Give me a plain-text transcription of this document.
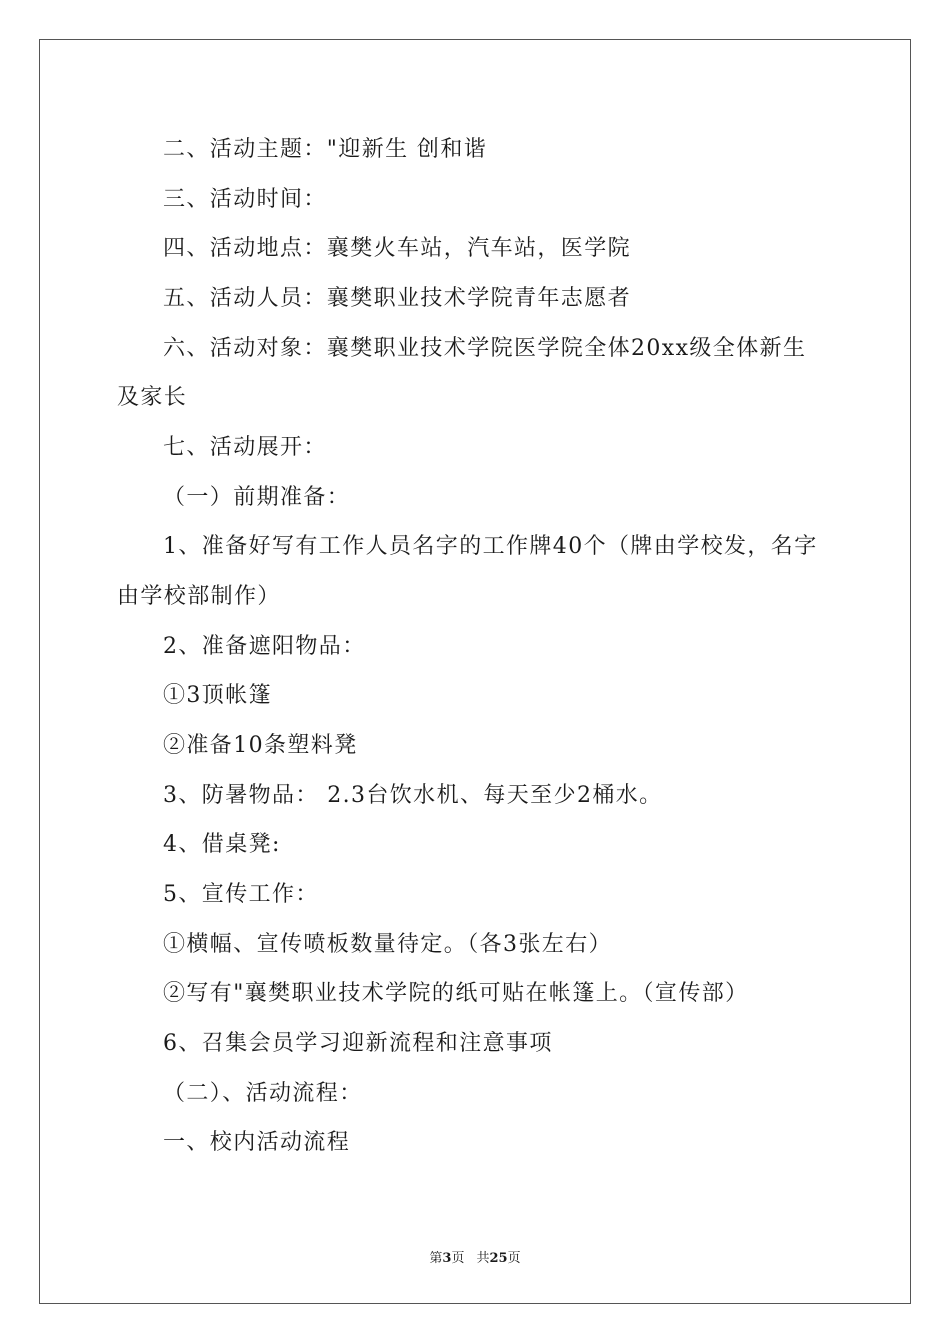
二、活动主题："迎新生 创和谐
三、活动时间：
四、活动地点：襄樊火车站，汽车站，医学院
五、活动人员：襄樊职业技术学院青年志愿者
六、活动对象：襄樊职业技术学院医学院全体20xx级全体新生
及家长
七、活动展开：
（一）前期准备：
1、准备好写有工作人员名字的工作牌40个（牌由学校发，名字
由学校部制作）
2、准备遮阳物品：
①3顶帐篷
②准备10条塑料凳
3、防暑物品： 2.3台饮水机、每天至少2桶水。
4、借桌凳:
5、宣传工作：
①横幅、宣传喷板数量待定。（各3张左右）
②写有"襄樊职业技术学院的纸可贴在帐篷上。（宣传部）
6、召集会员学习迎新流程和注意事项
（二）、活动流程：
一、校内活动流程
第3页 共25页
